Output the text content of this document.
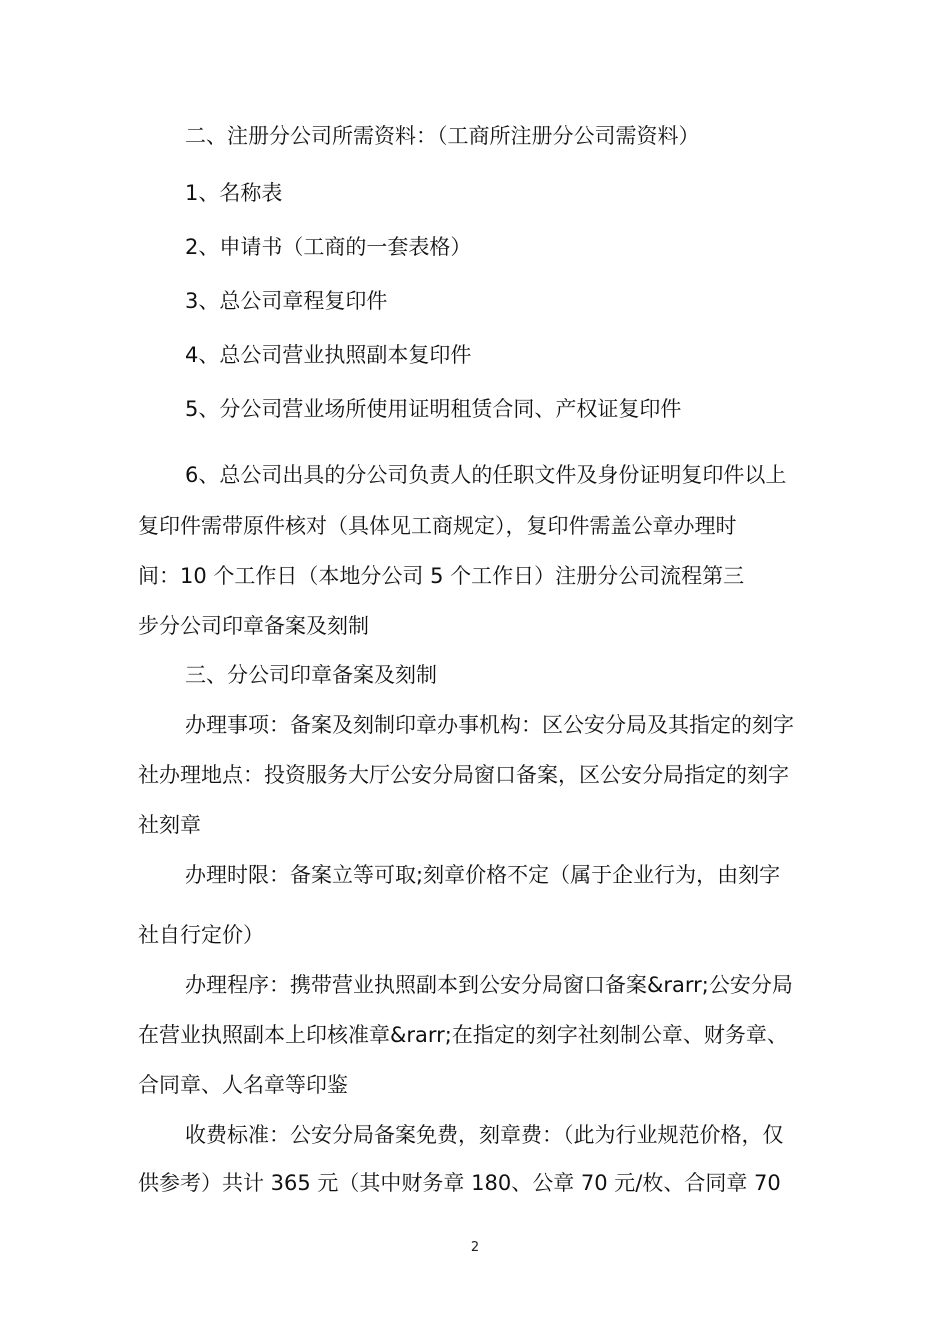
二、注册分公司所需资料：（工商所注册分公司需资料）
1、名称表
2、申请书（工商的一套表格）
3、总公司章程复印件
4、总公司营业执照副本复印件
5、分公司营业场所使用证明租赁合同、产权证复印件
6、总公司出具的分公司负责人的任职文件及身份证明复印件以上
复印件需带原件核对（具体见工商规定），复印件需盖公章办理时
间：10 个工作日（本地分公司 5 个工作日）注册分公司流程第三
步分公司印章备案及刻制
三、分公司印章备案及刻制
办理事项：备案及刻制印章办事机构：区公安分局及其指定的刻字
社办理地点：投资服务大厅公安分局窗口备案，区公安分局指定的刻字
社刻章
办理时限：备案立等可取;刻章价格不定（属于企业行为，由刻字
社自行定价）
办理程序：携带营业执照副本到公安分局窗口备案&rarr;公安分局
在营业执照副本上印核准章&rarr;在指定的刻字社刻制公章、财务章、
合同章、人名章等印鉴
收费标准：公安分局备案免费，刻章费：（此为行业规范价格，仅
供参考）共计 365 元（其中财务章 180、公章 70 元/枚、合同章 70
2
